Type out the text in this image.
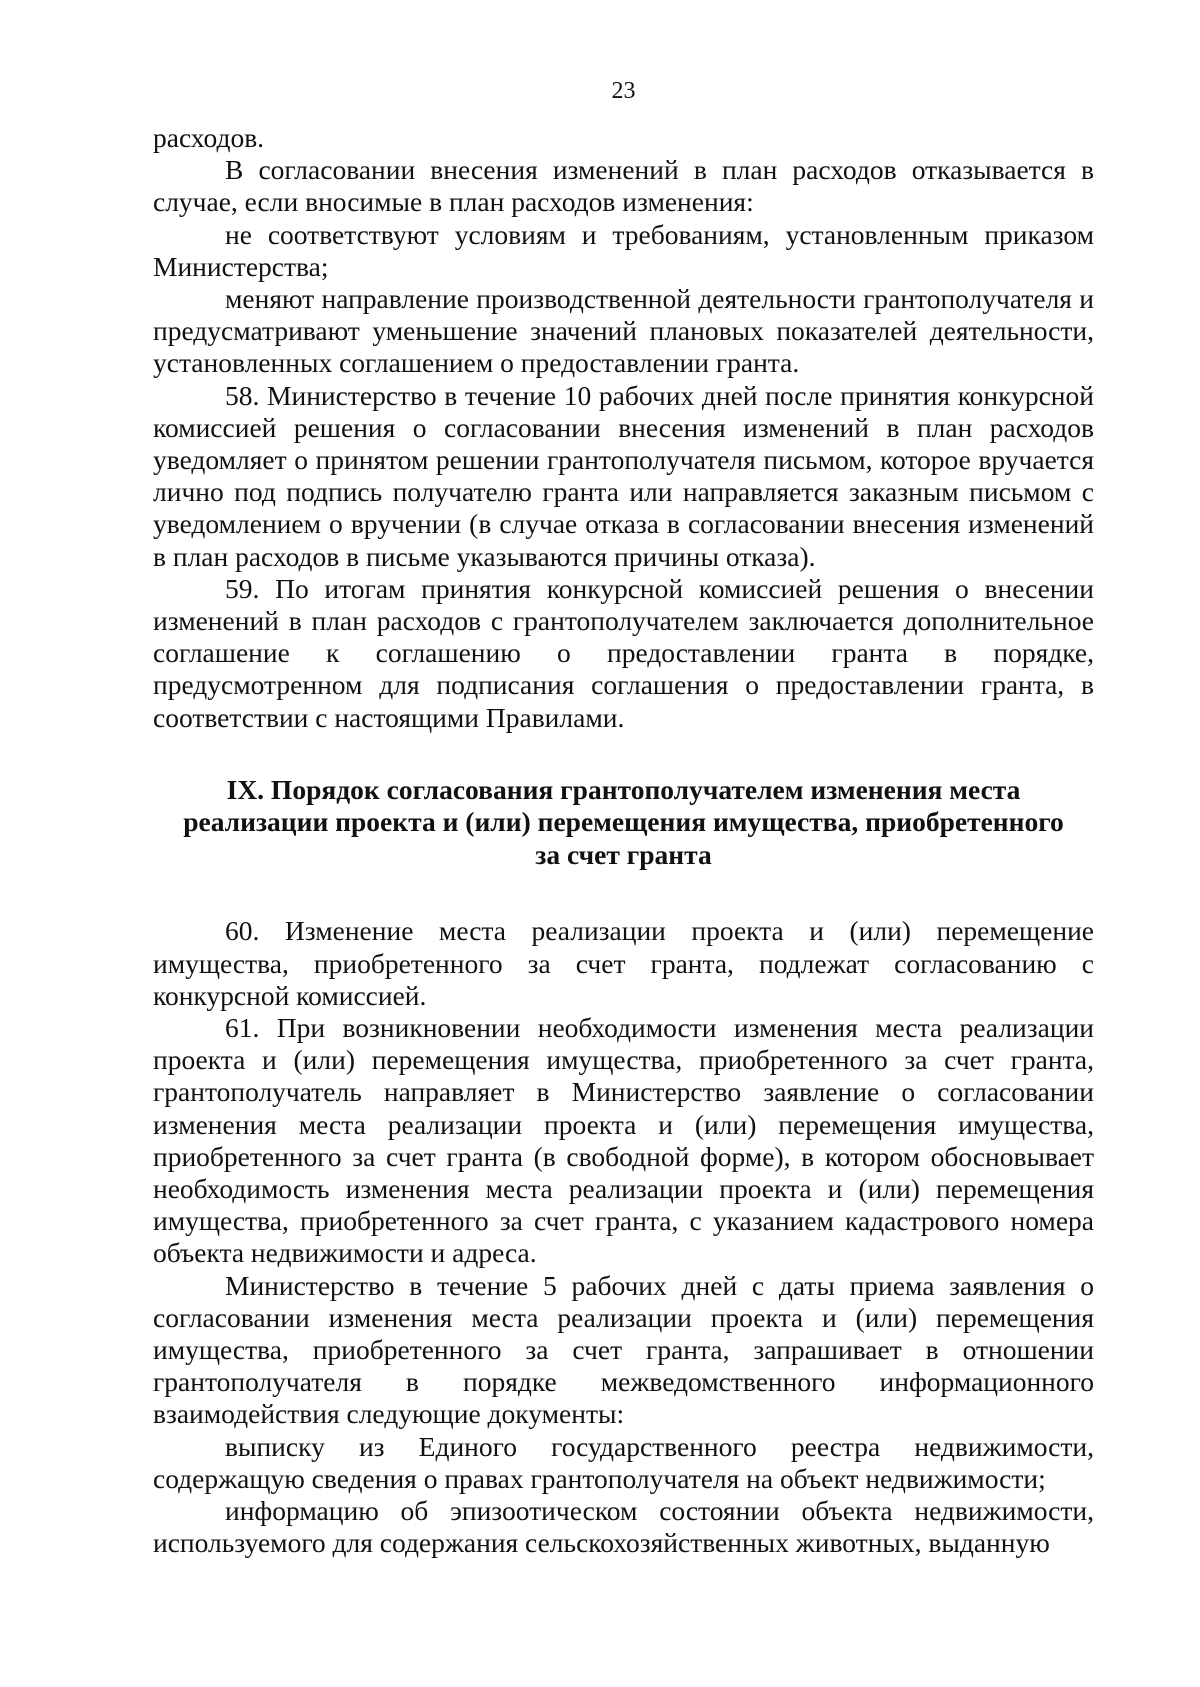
23

расходов.

В согласовании внесения изменений в план расходов отказывается в случае, если вносимые в план расходов изменения:

не соответствуют условиям и требованиям, установленным приказом Министерства;

меняют направление производственной деятельности грантополучателя и предусматривают уменьшение значений плановых показателей деятельности, установленных соглашением о предоставлении гранта.

58. Министерство в течение 10 рабочих дней после принятия конкурсной комиссией решения о согласовании внесения изменений в план расходов уведомляет о принятом решении грантополучателя письмом, которое вручается лично под подпись получателю гранта или направляется заказным письмом с уведомлением о вручении (в случае отказа в согласовании внесения изменений в план расходов в письме указываются причины отказа).

59. По итогам принятия конкурсной комиссией решения о внесении изменений в план расходов с грантополучателем заключается дополнительное соглашение к соглашению о предоставлении гранта в порядке, предусмотренном для подписания соглашения о предоставлении гранта, в соответствии с настоящими Правилами.

IX. Порядок согласования грантополучателем изменения места
реализации проекта и (или) перемещения имущества, приобретенного
за счет гранта

60. Изменение места реализации проекта и (или) перемещение имущества, приобретенного за счет гранта, подлежат согласованию с конкурсной комиссией.

61. При возникновении необходимости изменения места реализации проекта и (или) перемещения имущества, приобретенного за счет гранта, грантополучатель направляет в Министерство заявление о согласовании изменения места реализации проекта и (или) перемещения имущества, приобретенного за счет гранта (в свободной форме), в котором обосновывает необходимость изменения места реализации проекта и (или) перемещения имущества, приобретенного за счет гранта, с указанием кадастрового номера объекта недвижимости и адреса.

Министерство в течение 5 рабочих дней с даты приема заявления о согласовании изменения места реализации проекта и (или) перемещения имущества, приобретенного за счет гранта, запрашивает в отношении грантополучателя в порядке межведомственного информационного взаимодействия следующие документы:

выписку из Единого государственного реестра недвижимости, содержащую сведения о правах грантополучателя на объект недвижимости;

информацию об эпизоотическом состоянии объекта недвижимости, используемого для содержания сельскохозяйственных животных, выданную
